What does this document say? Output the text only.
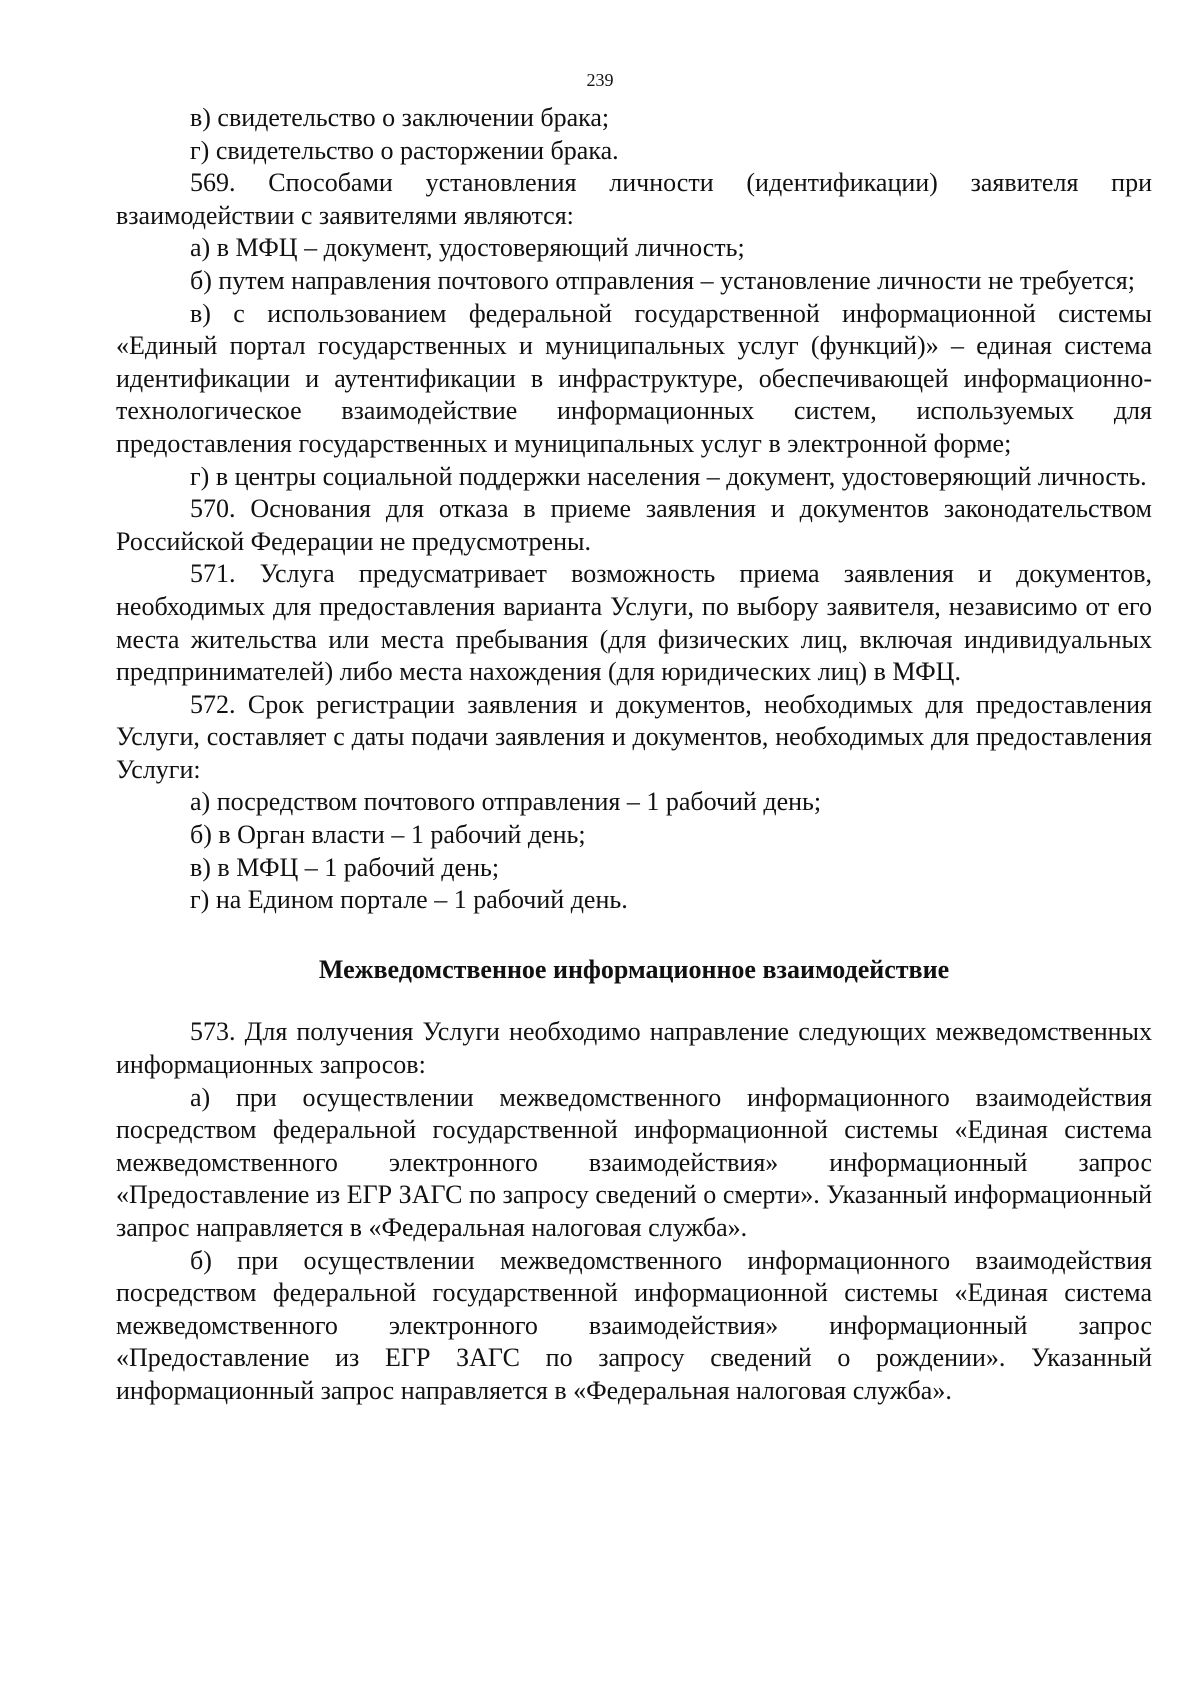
239

в) свидетельство о заключении брака;

г) свидетельство о расторжении брака.

569. Способами установления личности (идентификации) заявителя при взаимодействии с заявителями являются:

а) в МФЦ – документ, удостоверяющий личность;

б) путем направления почтового отправления – установление личности не требуется;

в) с использованием федеральной государственной информационной системы «Единый портал государственных и муниципальных услуг (функций)» – единая система идентификации и аутентификации в инфраструктуре, обеспечивающей информационно-технологическое взаимодействие информационных систем, используемых для предоставления государственных и муниципальных услуг в электронной форме;

г) в центры социальной поддержки населения – документ, удостоверяющий личность.

570. Основания для отказа в приеме заявления и документов законодательством Российской Федерации не предусмотрены.

571. Услуга предусматривает возможность приема заявления и документов, необходимых для предоставления варианта Услуги, по выбору заявителя, независимо от его места жительства или места пребывания (для физических лиц, включая индивидуальных предпринимателей) либо места нахождения (для юридических лиц) в МФЦ.

572. Срок регистрации заявления и документов, необходимых для предоставления Услуги, составляет с даты подачи заявления и документов, необходимых для предоставления Услуги:

а) посредством почтового отправления – 1 рабочий день;

б) в Орган власти – 1 рабочий день;

в) в МФЦ – 1 рабочий день;

г) на Едином портале – 1 рабочий день.

Межведомственное информационное взаимодействие

573. Для получения Услуги необходимо направление следующих межведомственных информационных запросов:

а) при осуществлении межведомственного информационного взаимодействия посредством федеральной государственной информационной системы «Единая система межведомственного электронного взаимодействия» информационный запрос «Предоставление из ЕГР ЗАГС по запросу сведений о смерти». Указанный информационный запрос направляется в «Федеральная налоговая служба».

б) при осуществлении межведомственного информационного взаимодействия посредством федеральной государственной информационной системы «Единая система межведомственного электронного взаимодействия» информационный запрос «Предоставление из ЕГР ЗАГС по запросу сведений о рождении». Указанный информационный запрос направляется в «Федеральная налоговая служба».
